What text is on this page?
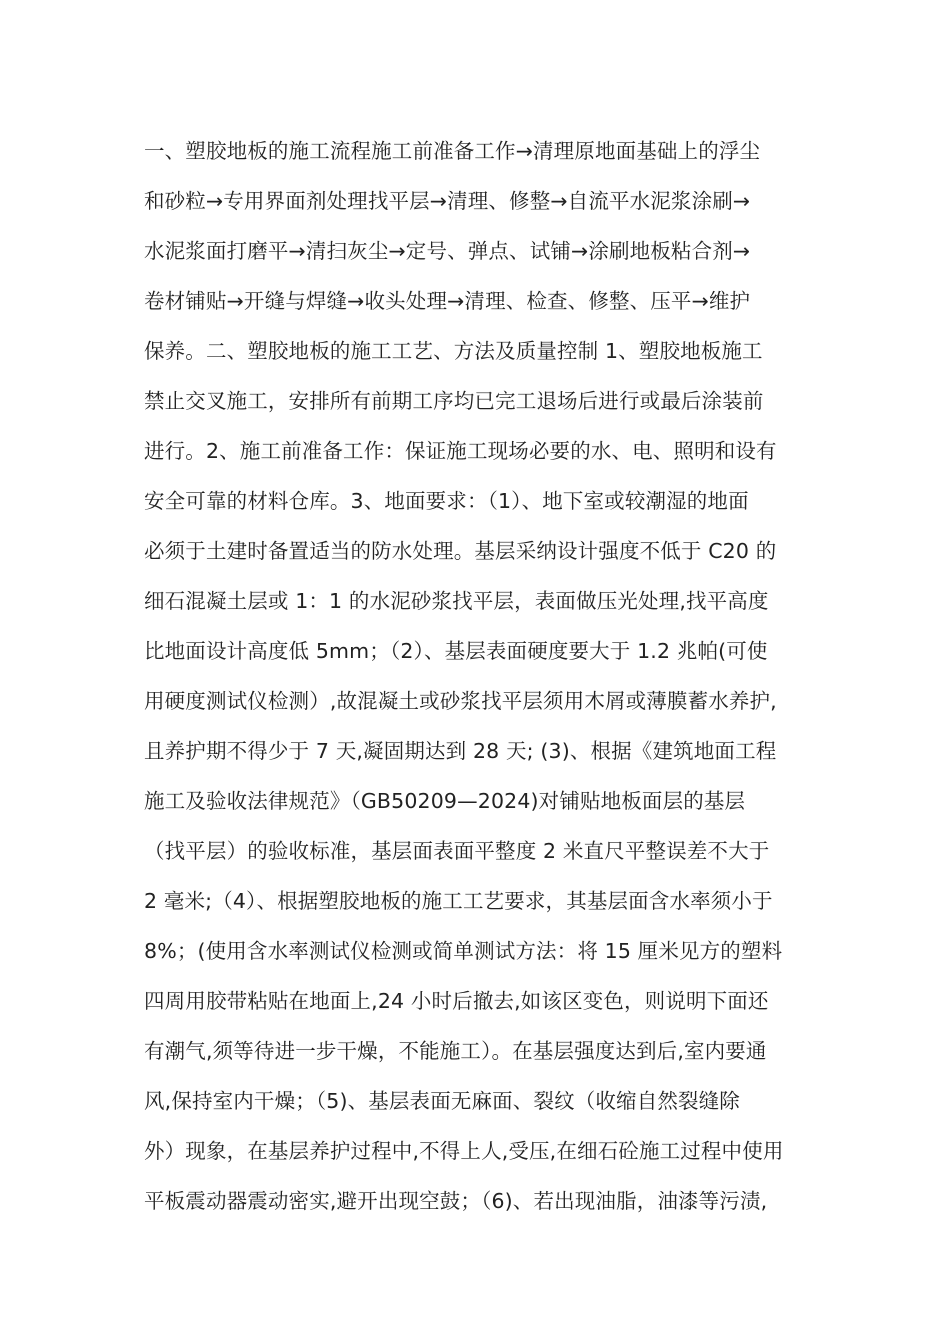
一、塑胶地板的施工流程施工前准备工作→清理原地面基础上的浮尘
和砂粒→专用界面剂处理找平层→清理、修整→自流平水泥浆涂刷→
水泥浆面打磨平→清扫灰尘→定号、弹点、试铺→涂刷地板粘合剂→
卷材铺贴→开缝与焊缝→收头处理→清理、检查、修整、压平→维护
保养。二、塑胶地板的施工工艺、方法及质量控制 1、塑胶地板施工
禁止交叉施工，安排所有前期工序均已完工退场后进行或最后涂装前
进行。2、施工前准备工作：保证施工现场必要的水、电、照明和设有
安全可靠的材料仓库。3、地面要求：（1）、地下室或较潮湿的地面
必须于土建时备置适当的防水处理。基层采纳设计强度不低于 C20 的
细石混凝土层或 1：1 的水泥砂浆找平层，表面做压光处理,找平高度
比地面设计高度低 5mm；（2）、基层表面硬度要大于 1.2 兆帕(可使
用硬度测试仪检测）,故混凝土或砂浆找平层须用木屑或薄膜蓄水养护,
且养护期不得少于 7 天,凝固期达到 28 天; (3)、根据《建筑地面工程
施工及验收法律规范》（GB50209—2024)对铺贴地板面层的基层
（找平层）的验收标准，基层面表面平整度 2 米直尺平整误差不大于
2 毫米;（4）、根据塑胶地板的施工工艺要求，其基层面含水率须小于
8%；(使用含水率测试仪检测或简单测试方法：将 15 厘米见方的塑料
四周用胶带粘贴在地面上,24 小时后撤去,如该区变色，则说明下面还
有潮气,须等待进一步干燥，不能施工）。在基层强度达到后,室内要通
风,保持室内干燥；（5)、基层表面无麻面、裂纹（收缩自然裂缝除
外）现象，在基层养护过程中,不得上人,受压,在细石砼施工过程中使用
平板震动器震动密实,避开出现空鼓；（6)、若出现油脂，油漆等污渍,
